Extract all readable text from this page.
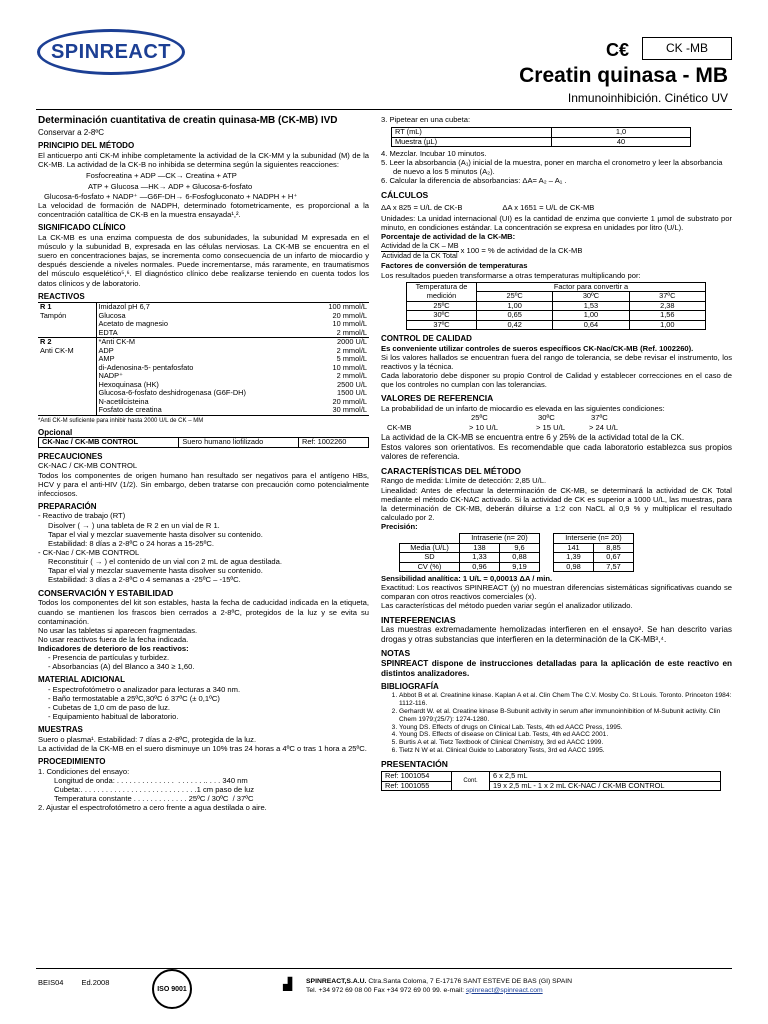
SPINREACT	C€	CK -MB
Creatin quinasa - MB
Inmunoinhibición. Cinético UV

Determinación cuantitativa de creatin quinasa-MB (CK-MB) IVD

Conservar a 2-8ºC

PRINCIPIO DEL MÉTODO

El anticuerpo anti CK-M inhibe completamente la actividad de la CK-MM y la subunidad (M) de la CK-MB. La actividad de la CK-B no inhibida se determina según la siguientes reacciones:

Fosfocreatina + ADP —CK→ Creatina + ATP

ATP + Glucosa —HK→ ADP + Glucosa-6-fosfato

Glucosa-6-fosfato + NADP⁺ —G6F-DH→ 6-Fosfogluconato + NADPH + H⁺

La velocidad de formación de NADPH, determinado fotometricamente, es proporcional a la concentración catalítica de CK-B en la muestra ensayada¹,².

SIGNIFICADO CLÍNICO

La CK-MB es una enzima compuesta de dos subunidades, la subunidad M expresada en el músculo y la subunidad B, expresada en las células nerviosas. La CK-MB se encuentra en el suero en concentraciones bajas, se incrementa como consecuencia de un infarto de miocardio y después desciende a niveles normales. Puede incrementarse, más raramente, en traumatismos del músculo esquelético⁵,⁶. El diagnóstico clínico debe realizarse teniendo en cuenta todos los datos clínicos y de laboratorio.

REACTIVOS

R 1	Imidazol pH 6,7	100 mmol/L
Tampón	Glucosa	20 mmol/L
	Acetato de magnesio	10 mmol/L
	EDTA	2 mmol/L
R 2	*Anti CK-M	2000 U/L
Anti CK-M	ADP	2 mmol/L
	AMP	5 mmol/L
	di-Adenosina-5- pentafosfato	10 mmol/L
	NADP⁺	2 mmol/L
	Hexoquinasa (HK)	2500 U/L
	Glucosa-6-fosfato deshidrogenasa (G6F-DH)	1500 U/L
	N-acetilcisteina	20 mmol/L
	Fosfato de creatina	30 mmol/L

*Anti CK-M suficiente para inhibir hasta 2000 U/L de CK – MM

Opcional

CK-Nac / CK-MB CONTROL	Suero humano liofilizado	Ref: 1002260

PRECAUCIONES

CK-NAC / CK-MB CONTROL
Todos los componentes de origen humano han resultado ser negativos para el antígeno HBs, HCV y para el anti-HIV (1/2). Sin embargo, deben tratarse con precaución como potencialmente infecciosos.

PREPARACIÓN

- Reactivo de trabajo (RT)

Disolver ( → ) una tableta de R 2 en un vial de R 1.

Tapar el vial y mezclar suavemente hasta disolver su contenido.

Estabilidad: 8 días a 2-8ºC o 24 horas a 15-25ºC.

- CK-Nac / CK-MB CONTROL

Reconstituir ( → ) el contenido de un vial con 2 mL de agua destilada.

Tapar el vial y mezclar suavemente hasta disolver su contenido.

Estabilidad: 3 días a 2-8ºC o 4 semanas a -25ºC – -15ºC.

CONSERVACIÓN Y ESTABILIDAD

Todos los componentes del kit son estables, hasta la fecha de caducidad indicada en la etiqueta, cuando se mantienen los frascos bien cerrados a 2-8ºC, protegidos de la luz y se evita su contaminación.
No usar las tabletas si aparecen fragmentadas.
No usar reactivos fuera de la fecha indicada.

Indicadores de deterioro de los reactivos:

- Presencia de partículas y turbidez.
- Absorbancias (A) del Blanco a 340 ≥ 1,60.

MATERIAL ADICIONAL

- Espectrofotómetro o analizador para lecturas a 340 nm.
- Baño termostatable a 25ºC,30ºC ó 37ºC (± 0,1ºC)
- Cubetas de 1,0 cm de paso de luz.
- Equipamiento habitual de laboratorio.

MUESTRAS

Suero o plasma¹. Estabilidad: 7 días a 2-8ºC, protegida de la luz.
La actividad de la CK-MB en el suero disminuye un 10% tras 24 horas a 4ºC o tras 1 hora a 25ºC.

PROCEDIMIENTO

1. Condiciones del ensayo:

Longitud de onda: . . . . . . . . . . . . . .  . . . . . . .. . . . 340 nm

Cubeta:. . . . . . . . . . . . . . . . . . . . . . . . . . . .1 cm paso de luz

Temperatura constante . . . . . . . . . . . . . 25ºC / 30ºC  / 37ºC

2. Ajustar el espectrofotómetro a cero frente a agua destilada o aire.

3. Pipetear en una cubeta:

RT (mL)	1,0
Muestra (µL)	40

4. Mezclar. Incubar 10 minutos.

5. Leer la absorbancia (A₁) inicial de la muestra, poner en marcha el cronometro y leer la absorbancia de nuevo a los 5 minutos (A₂).

6. Calcular la diferencia de absorbancias: ΔA= A₂ – A₁ .

CÁLCULOS

ΔA x 825 = U/L de CK-B	ΔA x 1651 = U/L de CK-MB

Unidades: La unidad internacional (UI) es la cantidad de enzima que convierte 1 µmol de substrato por minuto, en condiciones estándar. La concentración se expresa en unidades por litro (U/L).

Porcentaje de actividad de la CK-MB:

$\frac{\text{Actividad de la CK – MB}}{\text{Actividad de la CK Total}}$ x 100 = % de actividad de la CK-MB

Factores de conversión de temperaturas

Los resultados pueden transformarse a otras temperaturas multiplicando por:

Temperatura de medición	Factor para convertir a		
	25ºC	30ºC	37ºC
25ºC	1,00	1,53	2,38
30ºC	0,65	1,00	1,56
37ºC	0,42	0,64	1,00

CONTROL DE CALIDAD

Es conveniente utilizar controles de sueros específicos CK-Nac/CK-MB (Ref. 1002260).

Si los valores hallados se encuentran fuera del rango de tolerancia, se debe revisar el instrumento, los reactivos y la técnica.
Cada laboratorio debe disponer su propio Control de Calidad y establecer correcciones en el caso de que los controles no cumplan con las tolerancias.

VALORES DE REFERENCIA

La probabilidad de un infarto de miocardio es elevada en las siguientes condiciones:

25ºC	30ºC	37ºC
CK-MB	> 10 U/L	> 15 U/L	> 24 U/L

La actividad de la CK-MB se encuentra entre 6 y 25% de la actividad total de la CK.
Estos valores son orientativos. Es recomendable que cada laboratorio establezca sus propios valores de referencia.

CARACTERÍSTICAS DEL MÉTODO

Rango de medida: Límite de detección: 2,85 U/L.

Linealidad: Antes de efectuar la determinación de CK-MB, se determinará la actividad de CK Total mediante el método CK-NAC activado. Si la actividad de CK es superior a 1000 U/L, las muestras, para la determinación de CK-MB, deberán diluirse a 1:2 con NaCL al 0,9 % y multiplicar el resultado calculado por 2.

Precisión:

	Intraserie (n= 20)			Interserie (n= 20)	
Media (U/L)	138	9,6		141	8,85
SD	1,33	0,88		1,39	0,67
CV (%)	0,96	9,19		0,98	7,57

Sensibilidad analítica: 1 U/L = 0,00013 ΔA / min.

Exactitud: Los reactivos SPINREACT (y) no muestran diferencias sistemáticas significativas cuando se comparan con otros reactivos comerciales (x).
Las características del método pueden variar según el analizador utilizado.

INTERFERENCIAS

Las muestras extremadamente hemolizadas interfieren en el ensayo². Se han descrito varias drogas y otras substancias que interfieren en la determinación de la CK-MB³,⁴.

NOTAS

SPINREACT dispone de instrucciones detalladas para la aplicación de este reactivo en distintos analizadores.

BIBLIOGRAFÍA

1. Abbot B et al. Creatinine kinase. Kaplan A et al. Clin Chem The C.V. Mosby Co. St Louis. Toronto. Princeton 1984: 1112-116.
2. Gerhardt W. et al. Creatine kinase B-Subunit activity in serum after immunoinhibition of M-Subunit activity. Clin Chem 1979;(25/7): 1274-1280.
3. Young DS. Effects of drugs on Clinical Lab. Tests, 4th ed AACC Press, 1995.
4. Young DS. Effects of disease on Clinical Lab. Tests, 4th ed AACC 2001.
5. Burtis A et al. Tietz Textbook of Clinical Chemistry, 3rd ed AACC 1999.
6. Tietz N W et al. Clinical Guide to Laboratory Tests, 3rd ed AACC 1995.

PRESENTACIÓN

Ref: 1001054	Cont.	6 x 2,5 mL
Ref: 1001055		19 x 2,5 mL - 1 x 2 mL CK-NAC / CK-MB CONTROL
BEIS04 Ed.2008
ISO 9001	▟ SPINREACT,S.A.U. Ctra.Santa Coloma, 7 E-17176 SANT ESTEVE DE BAS (GI) SPAIN
Tel. +34 972 69 08 00 Fax +34 972 69 00 99. e-mail: spinreact@spinreact.com
